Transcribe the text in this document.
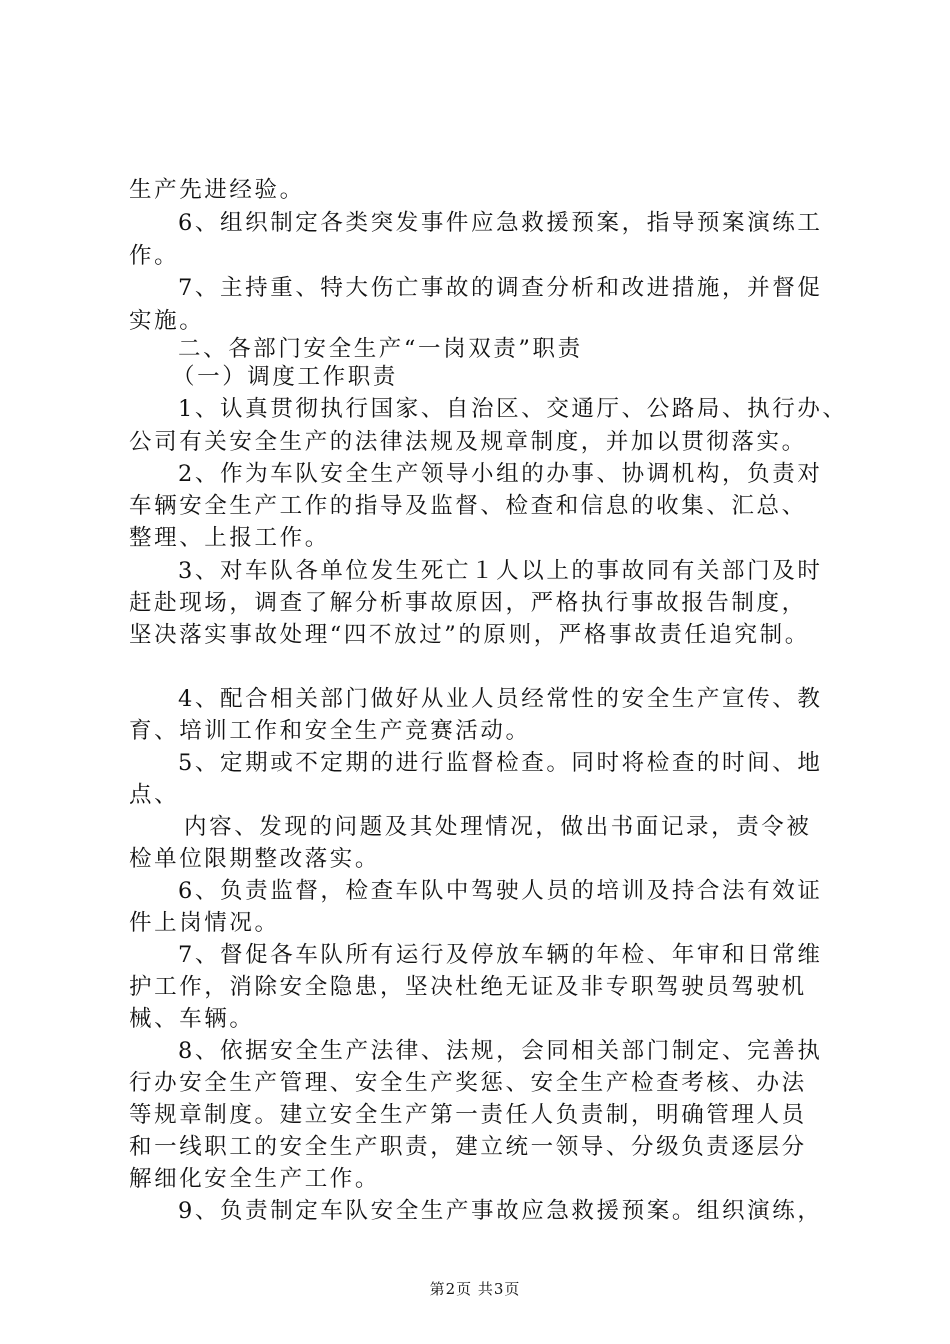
生产先进经验。
6、组织制定各类突发事件应急救援预案，指导预案演练工
作。
7、主持重、特大伤亡事故的调查分析和改进措施，并督促
实施。
二、各部门安全生产“一岗双责”职责
（一）调度工作职责
1、认真贯彻执行国家、自治区、交通厅、公路局、执行办、
公司有关安全生产的法律法规及规章制度，并加以贯彻落实。
2、作为车队安全生产领导小组的办事、协调机构，负责对
车辆安全生产工作的指导及监督、检查和信息的收集、汇总、
整理、上报工作。
3、对车队各单位发生死亡１人以上的事故同有关部门及时
赶赴现场，调查了解分析事故原因，严格执行事故报告制度，
坚决落实事故处理“四不放过”的原则，严格事故责任追究制。
4、配合相关部门做好从业人员经常性的安全生产宣传、教
育、培训工作和安全生产竞赛活动。
5、定期或不定期的进行监督检查。同时将检查的时间、地
点、
内容、发现的问题及其处理情况，做出书面记录，责令被
检单位限期整改落实。
6、负责监督，检查车队中驾驶人员的培训及持合法有效证
件上岗情况。
7、督促各车队所有运行及停放车辆的年检、年审和日常维
护工作，消除安全隐患，坚决杜绝无证及非专职驾驶员驾驶机
械、车辆。
8、依据安全生产法律、法规，会同相关部门制定、完善执
行办安全生产管理、安全生产奖惩、安全生产检查考核、办法
等规章制度。建立安全生产第一责任人负责制，明确管理人员
和一线职工的安全生产职责，建立统一领导、分级负责逐层分
解细化安全生产工作。
9、负责制定车队安全生产事故应急救援预案。组织演练，
第2页 共3页
